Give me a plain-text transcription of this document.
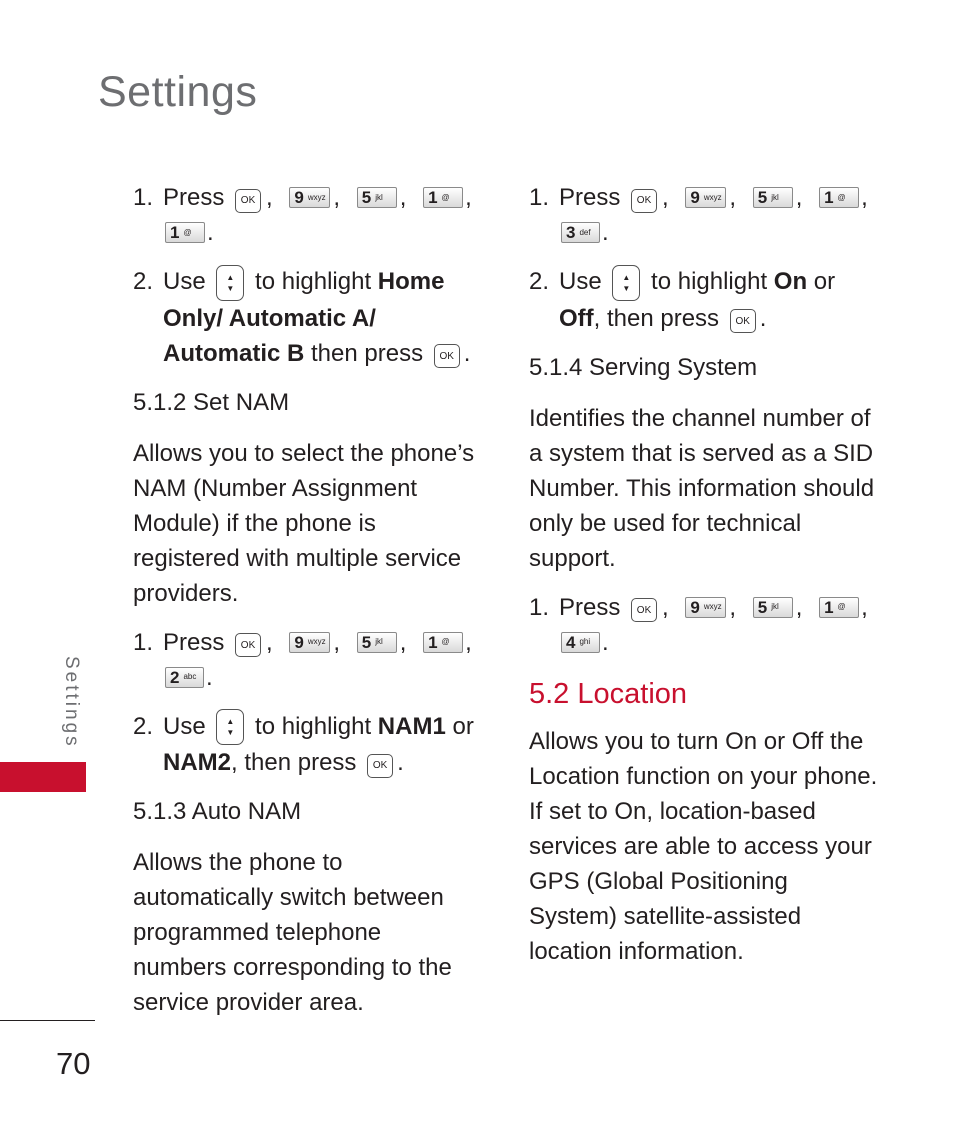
Settings
1. Press OK , 9 wxyz , 5 jkl , 1 @ ,
1 @ .
2. Use	▲
▼ to highlight Home
Only/ Automatic A/
Automatic B then press OK .
5.1.2 Set NAM

Allows you to select the phone’s NAM (Number Assignment Module) if the phone is registered with multiple service providers.

1. Press OK , 9 wxyz , 5 jkl , 1 @ ,
2 abc .
2. Use	▲
▼ to highlight NAM1 or
NAM2, then press OK .
5.1.3 Auto NAM

Allows the phone to automatically switch between programmed telephone numbers corresponding to the service provider area.

1. Press OK , 9 wxyz , 5 jkl , 1 @ ,
3 def .
2. Use	▲
▼ to highlight On or
Off, then press OK .
5.1.4 Serving System

Identifies the channel number of a system that is served as a SID Number. This information should only be used for technical support.

1. Press OK , 9 wxyz , 5 jkl , 1 @ ,
4 ghi .
5.2 Location

Allows you to turn On or Off the Location function on your phone. If set to On, location-based services are able to access your GPS (Global Positioning System) satellite-assisted location information.

Settings
70
